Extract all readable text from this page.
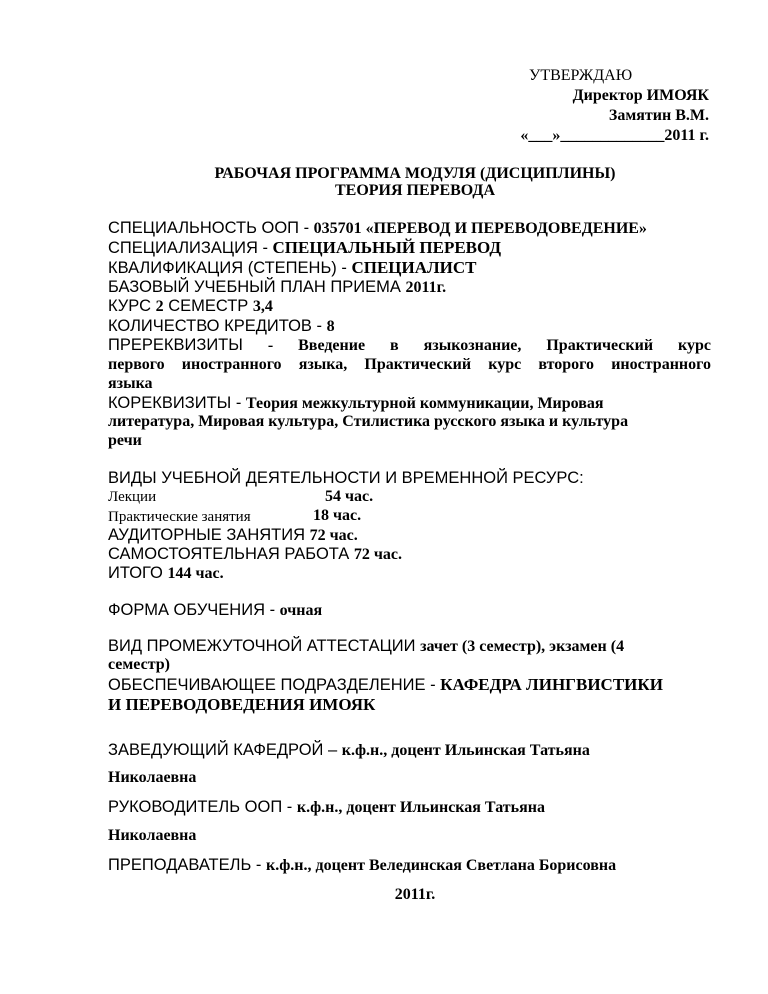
УТВЕРЖДАЮ
Директор ИМОЯК
Замятин В.М.
«___»_____________2011 г.
РАБОЧАЯ ПРОГРАММА МОДУЛЯ (ДИСЦИПЛИНЫ)
ТЕОРИЯ ПЕРЕВОДА
СПЕЦИАЛЬНОСТЬ ООП - 035701 «ПЕРЕВОД И ПЕРЕВОДОВЕДЕНИЕ»
СПЕЦИАЛИЗАЦИЯ - СПЕЦИАЛЬНЫЙ ПЕРЕВОД
КВАЛИФИКАЦИЯ (СТЕПЕНЬ) - СПЕЦИАЛИСТ
БАЗОВЫЙ УЧЕБНЫЙ ПЛАН ПРИЕМА 2011г.
КУРС 2 СЕМЕСТР 3,4
КОЛИЧЕСТВО КРЕДИТОВ - 8
ПРЕРЕКВИЗИТЫ - Введение в языкознание, Практический курс
первого иностранного языка, Практический курс второго иностранного
языка
КОРЕКВИЗИТЫ - Теория межкультурной коммуникации, Мировая
литература, Мировая культура, Стилистика русского языка и культура
речи
ВИДЫ УЧЕБНОЙ ДЕЯТЕЛЬНОСТИ И ВРЕМЕННОЙ РЕСУРС:
Лекции	54 час.
Практические занятия	18 час.
АУДИТОРНЫЕ ЗАНЯТИЯ 72 час.
САМОСТОЯТЕЛЬНАЯ РАБОТА 72 час.
ИТОГО 144 час.
ФОРМА ОБУЧЕНИЯ - очная
ВИД ПРОМЕЖУТОЧНОЙ АТТЕСТАЦИИ зачет (3 семестр), экзамен (4
семестр)
ОБЕСПЕЧИВАЮЩЕЕ ПОДРАЗДЕЛЕНИЕ - КАФЕДРА ЛИНГВИСТИКИ
И ПЕРЕВОДОВЕДЕНИЯ ИМОЯК
ЗАВЕДУЮЩИЙ КАФЕДРОЙ – к.ф.н., доцент Ильинская Татьяна
Николаевна
РУКОВОДИТЕЛЬ ООП - к.ф.н., доцент Ильинская Татьяна
Николаевна
ПРЕПОДАВАТЕЛЬ - к.ф.н., доцент Велединская Светлана Борисовна
2011г.
